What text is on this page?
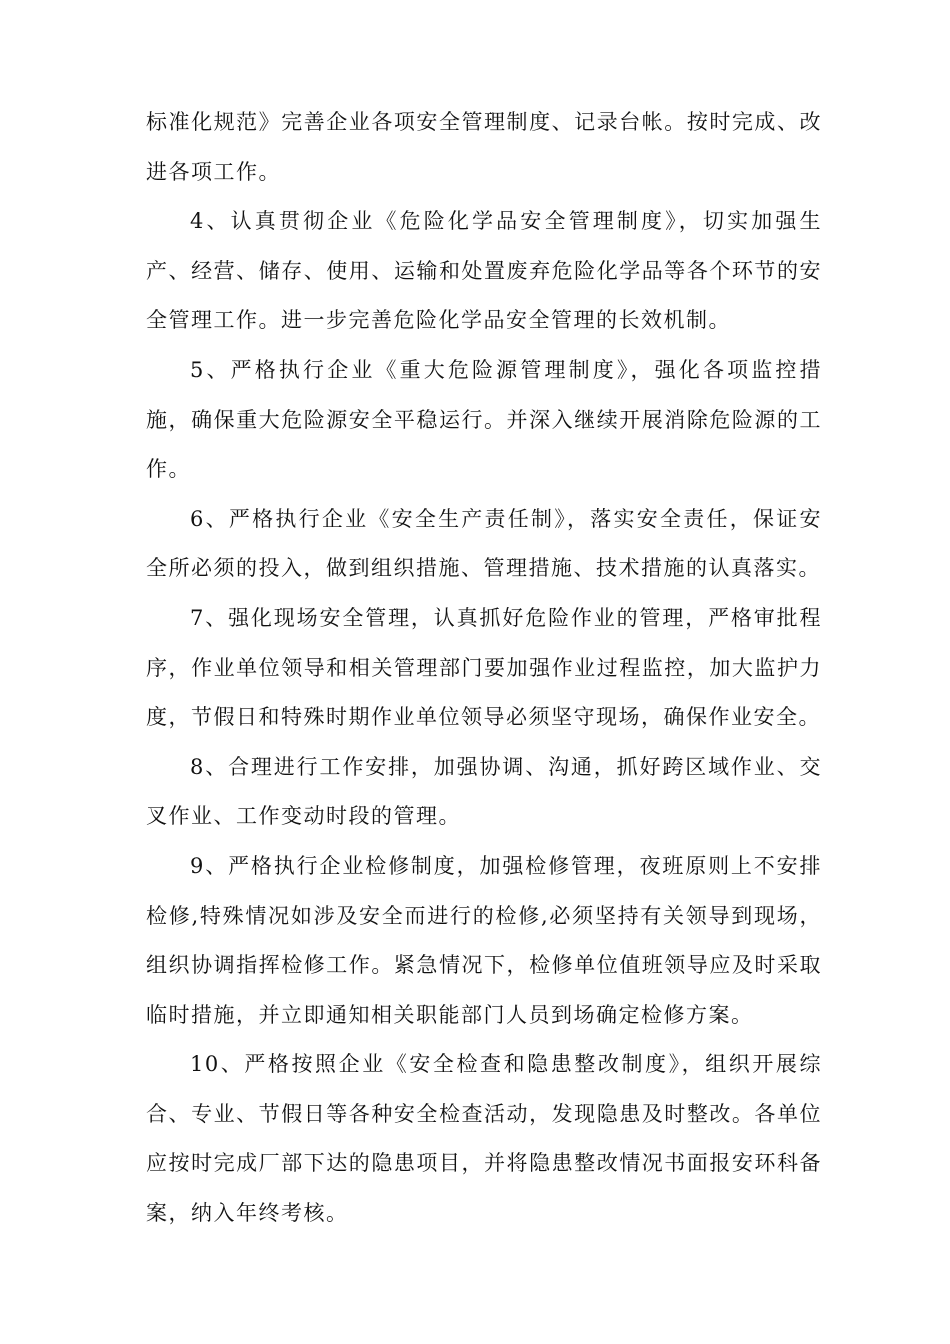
标准化规范》完善企业各项安全管理制度、记录台帐。按时完成、改进各项工作。

4、认真贯彻企业《危险化学品安全管理制度》，切实加强生产、经营、储存、使用、运输和处置废弃危险化学品等各个环节的安全管理工作。进一步完善危险化学品安全管理的长效机制。

5、严格执行企业《重大危险源管理制度》，强化各项监控措施，确保重大危险源安全平稳运行。并深入继续开展消除危险源的工作。

6、严格执行企业《安全生产责任制》，落实安全责任，保证安全所必须的投入，做到组织措施、管理措施、技术措施的认真落实。

7、强化现场安全管理，认真抓好危险作业的管理，严格审批程序，作业单位领导和相关管理部门要加强作业过程监控，加大监护力度，节假日和特殊时期作业单位领导必须坚守现场，确保作业安全。

8、合理进行工作安排，加强协调、沟通，抓好跨区域作业、交叉作业、工作变动时段的管理。

9、严格执行企业检修制度，加强检修管理，夜班原则上不安排检修,特殊情况如涉及安全而进行的检修,必须坚持有关领导到现场，组织协调指挥检修工作。紧急情况下，检修单位值班领导应及时采取临时措施，并立即通知相关职能部门人员到场确定检修方案。

10、严格按照企业《安全检查和隐患整改制度》，组织开展综合、专业、节假日等各种安全检查活动，发现隐患及时整改。各单位应按时完成厂部下达的隐患项目，并将隐患整改情况书面报安环科备案，纳入年终考核。
